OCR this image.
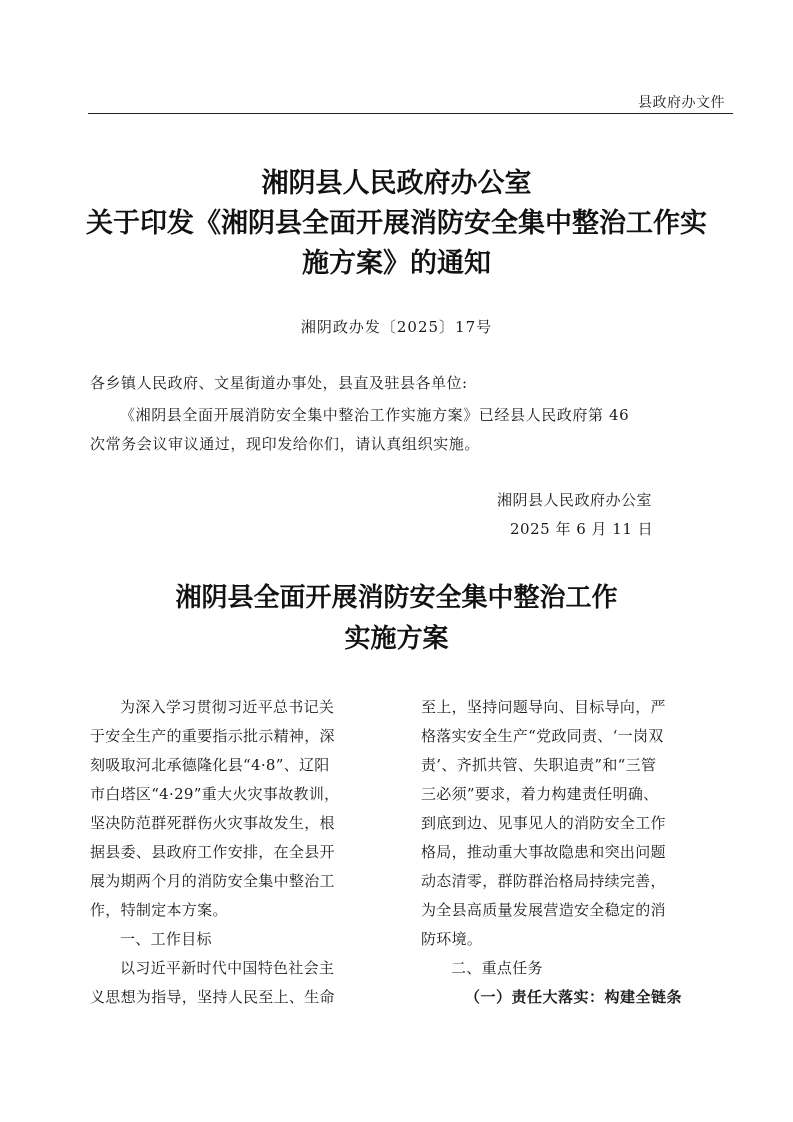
县政府办文件
湘阴县人民政府办公室
关于印发《湘阴县全面开展消防安全集中整治工作实
施方案》的通知
湘阴政办发〔2025〕17号
各乡镇人民政府、文星街道办事处，县直及驻县各单位:
《湘阴县全面开展消防安全集中整治工作实施方案》已经县人民政府第 46
次常务会议审议通过，现印发给你们，请认真组织实施。
湘阴县人民政府办公室
2025 年 6 月 11 日
湘阴县全面开展消防安全集中整治工作
实施方案
为深入学习贯彻习近平总书记关
于安全生产的重要指示批示精神，深
刻吸取河北承德隆化县“4·8”、辽阳
市白塔区“4·29”重大火灾事故教训，
坚决防范群死群伤火灾事故发生，根
据县委、县政府工作安排，在全县开
展为期两个月的消防安全集中整治工
作，特制定本方案。
一、工作目标
以习近平新时代中国特色社会主
义思想为指导，坚持人民至上、生命
至上，坚持问题导向、目标导向，严
格落实安全生产“党政同责、‘一岗双
责’、齐抓共管、失职追责”和“三管
三必须”要求，着力构建责任明确、
到底到边、见事见人的消防安全工作
格局，推动重大事故隐患和突出问题
动态清零，群防群治格局持续完善，
为全县高质量发展营造安全稳定的消
防环境。
二、重点任务
（一）责任大落实：构建全链条
